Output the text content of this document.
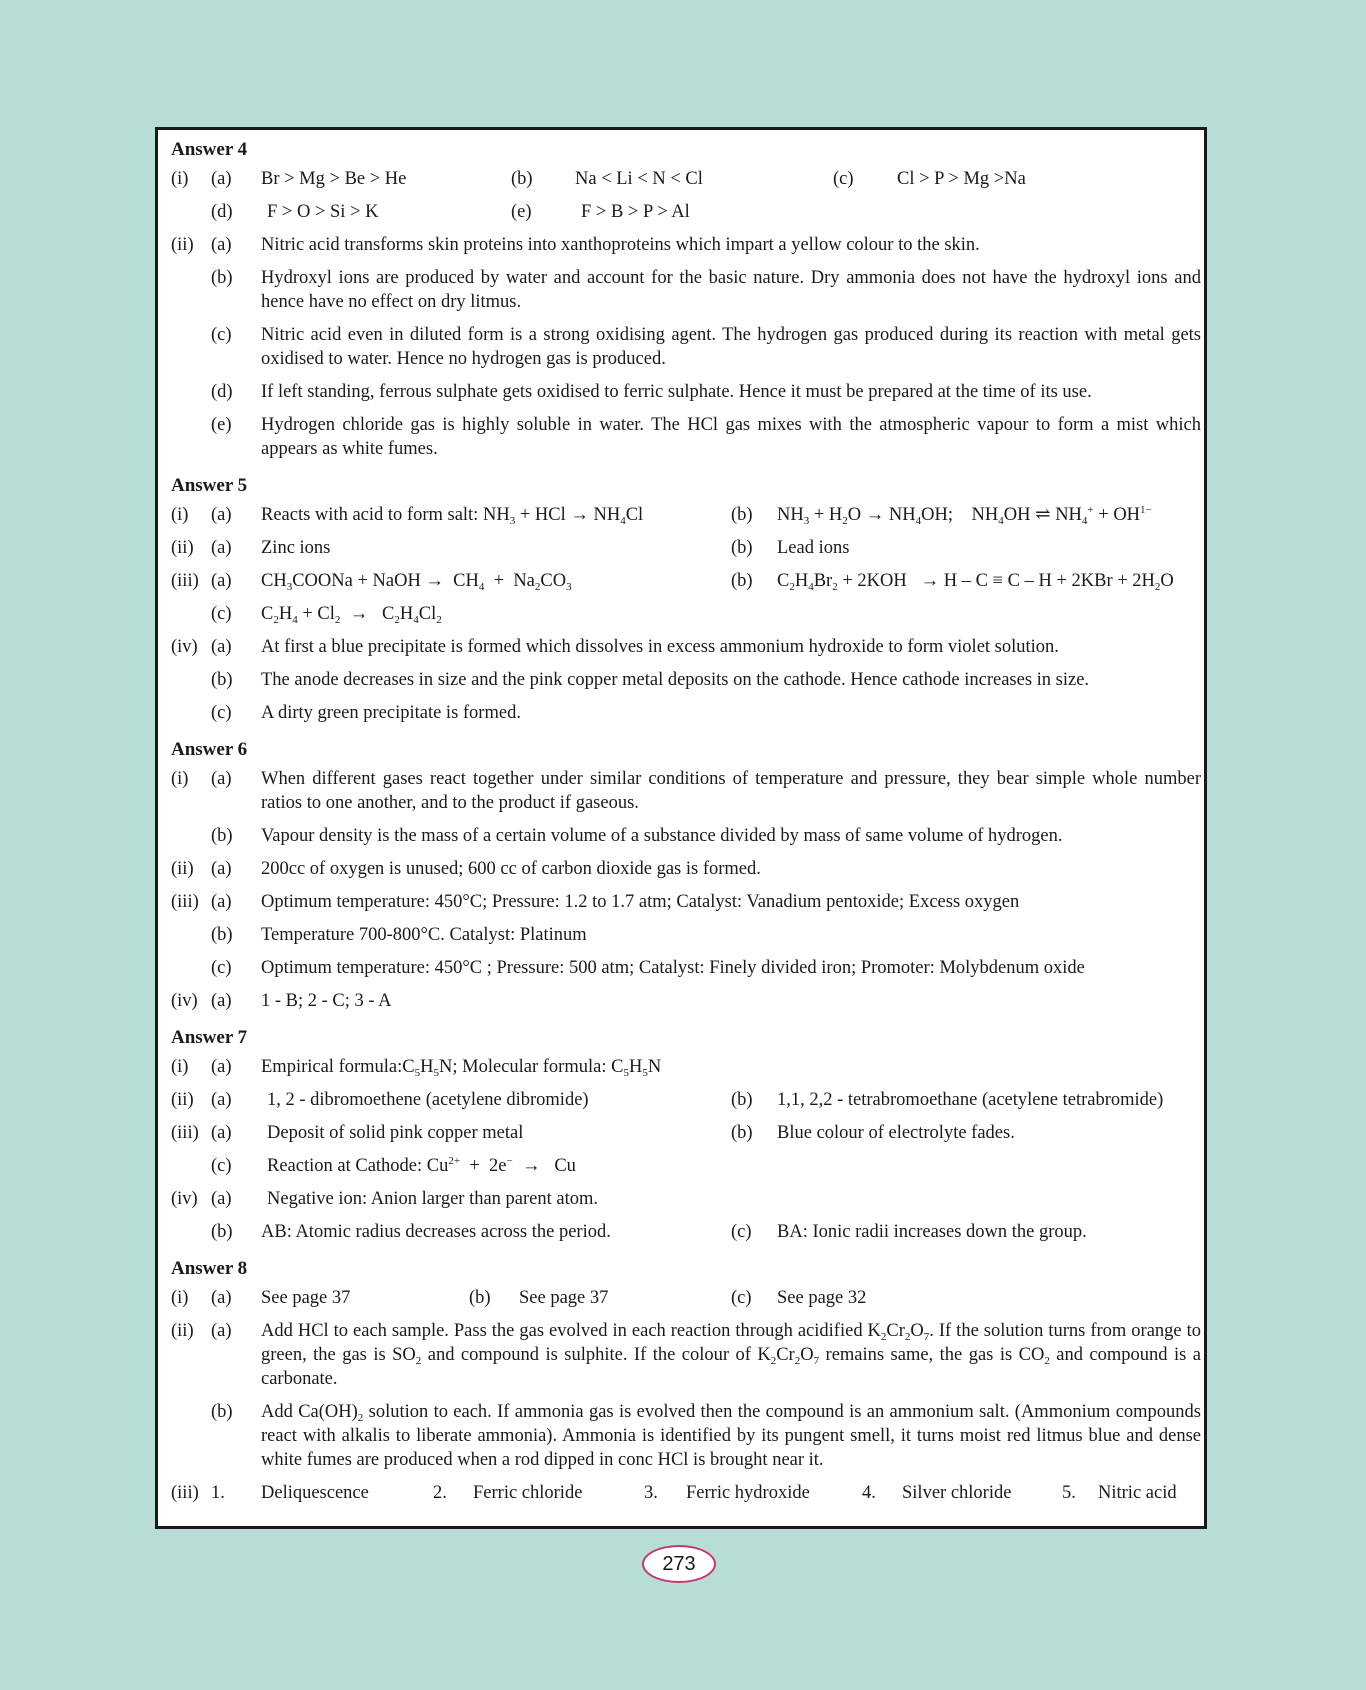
Answer 4
(i) (a) Br > Mg > Be > He	(b) Na < Li < N < Cl	(c) Cl > P > Mg >Na
(d) F > O > Si > K	(e)	F > B > P > Al
(ii) (a) Nitric acid transforms skin proteins into xanthoproteins which impart a yellow colour to the skin.
(b) Hydroxyl ions are produced by water and account for the basic nature. Dry ammonia does not have the hydroxyl ions and hence have no effect on dry litmus.
(c) Nitric acid even in diluted form is a strong oxidising agent. The hydrogen gas produced during its reaction with metal gets oxidised to water. Hence no hydrogen gas is produced.
(d) If left standing, ferrous sulphate gets oxidised to ferric sulphate. Hence it must be prepared at the time of its use.
(e) Hydrogen chloride gas is highly soluble in water. The HCl gas mixes with the atmospheric vapour to form a mist which appears as white fumes.
Answer 5
(i) (a) Reacts with acid to form salt: $NH_3$ + HCl → $NH_4Cl$	(b) $NH_3 + H_2O \to NH_4OH$;    $NH_4OH$ ⇌ $NH_4^+ + OH^{1-}$
(ii) (a) Zinc ions	(b) Lead ions
(iii) (a) $CH_3COONa$ + NaOH →  $CH_4 + Na_2CO_3$	(b) $C_2H_4Br_2 + 2KOH \to H - C \equiv C - H + 2KBr + 2H_2O$
(c) $C_2H_4 + Cl_2 \to C_2H_4Cl_2$
(iv) (a) At first a blue precipitate is formed which dissolves in excess ammonium hydroxide to form violet solution.
(b) The anode decreases in size and the pink copper metal deposits on the cathode. Hence cathode increases in size.
(c) A dirty green precipitate is formed.
Answer 6
(i) (a) When different gases react together under similar conditions of temperature and pressure, they bear simple whole number ratios to one another, and to the product if gaseous.
(b) Vapour density is the mass of a certain volume of a substance divided by mass of same volume of hydrogen.
(ii) (a) 200cc of oxygen is unused; 600 cc of carbon dioxide gas is formed.
(iii) (a) Optimum temperature: 450°C; Pressure: 1.2 to 1.7 atm; Catalyst: Vanadium pentoxide; Excess oxygen
(b) Temperature 700-800°C. Catalyst: Platinum
(c) Optimum temperature: 450°C ; Pressure: 500 atm; Catalyst: Finely divided iron; Promoter: Molybdenum oxide
(iv) (a) 1 - B; 2 - C; 3 - A
Answer 7
(i) (a) Empirical $formula:C_5H_5N$; Molecular formula: $C_5H_5N$
(ii) (a) 1, 2 - dibromoethene (acetylene dibromide)	(b) 1,1, 2,2 - tetrabromoethane (acetylene tetrabromide)
(iii) (a) Deposit of solid pink copper metal	(b) Blue colour of electrolyte fades.
(c) Reaction at Cathode: $Cu^{2+} + 2e^- \to Cu$
(iv) (a) Negative ion: Anion larger than parent atom.
(b) AB: Atomic radius decreases across the period.	(c) BA: Ionic radii increases down the group.
Answer 8
(i) (a) See page 37	(b) See page 37	(c) See page 32
(ii) (a) Add HCl to each sample. Pass the gas evolved in each reaction through acidified $K_2Cr_2O_7$. If the solution turns from orange to green, the gas is $SO_2$ and compound is sulphite. If the colour of $K_2Cr_2O_7$ remains same, the gas is $CO_2$ and compound is a carbonate.
(b) Add $Ca(OH)_2$ solution to each. If ammonia gas is evolved then the compound is an ammonium salt. (Ammonium compounds react with alkalis to liberate ammonia). Ammonia is identified by its pungent smell, it turns moist red litmus blue and dense white fumes are produced when a rod dipped in conc HCl is brought near it.
(iii) 1. Deliquescence	2. Ferric chloride	3. Ferric hydroxide	4. Silver chloride	5. Nitric acid
273
